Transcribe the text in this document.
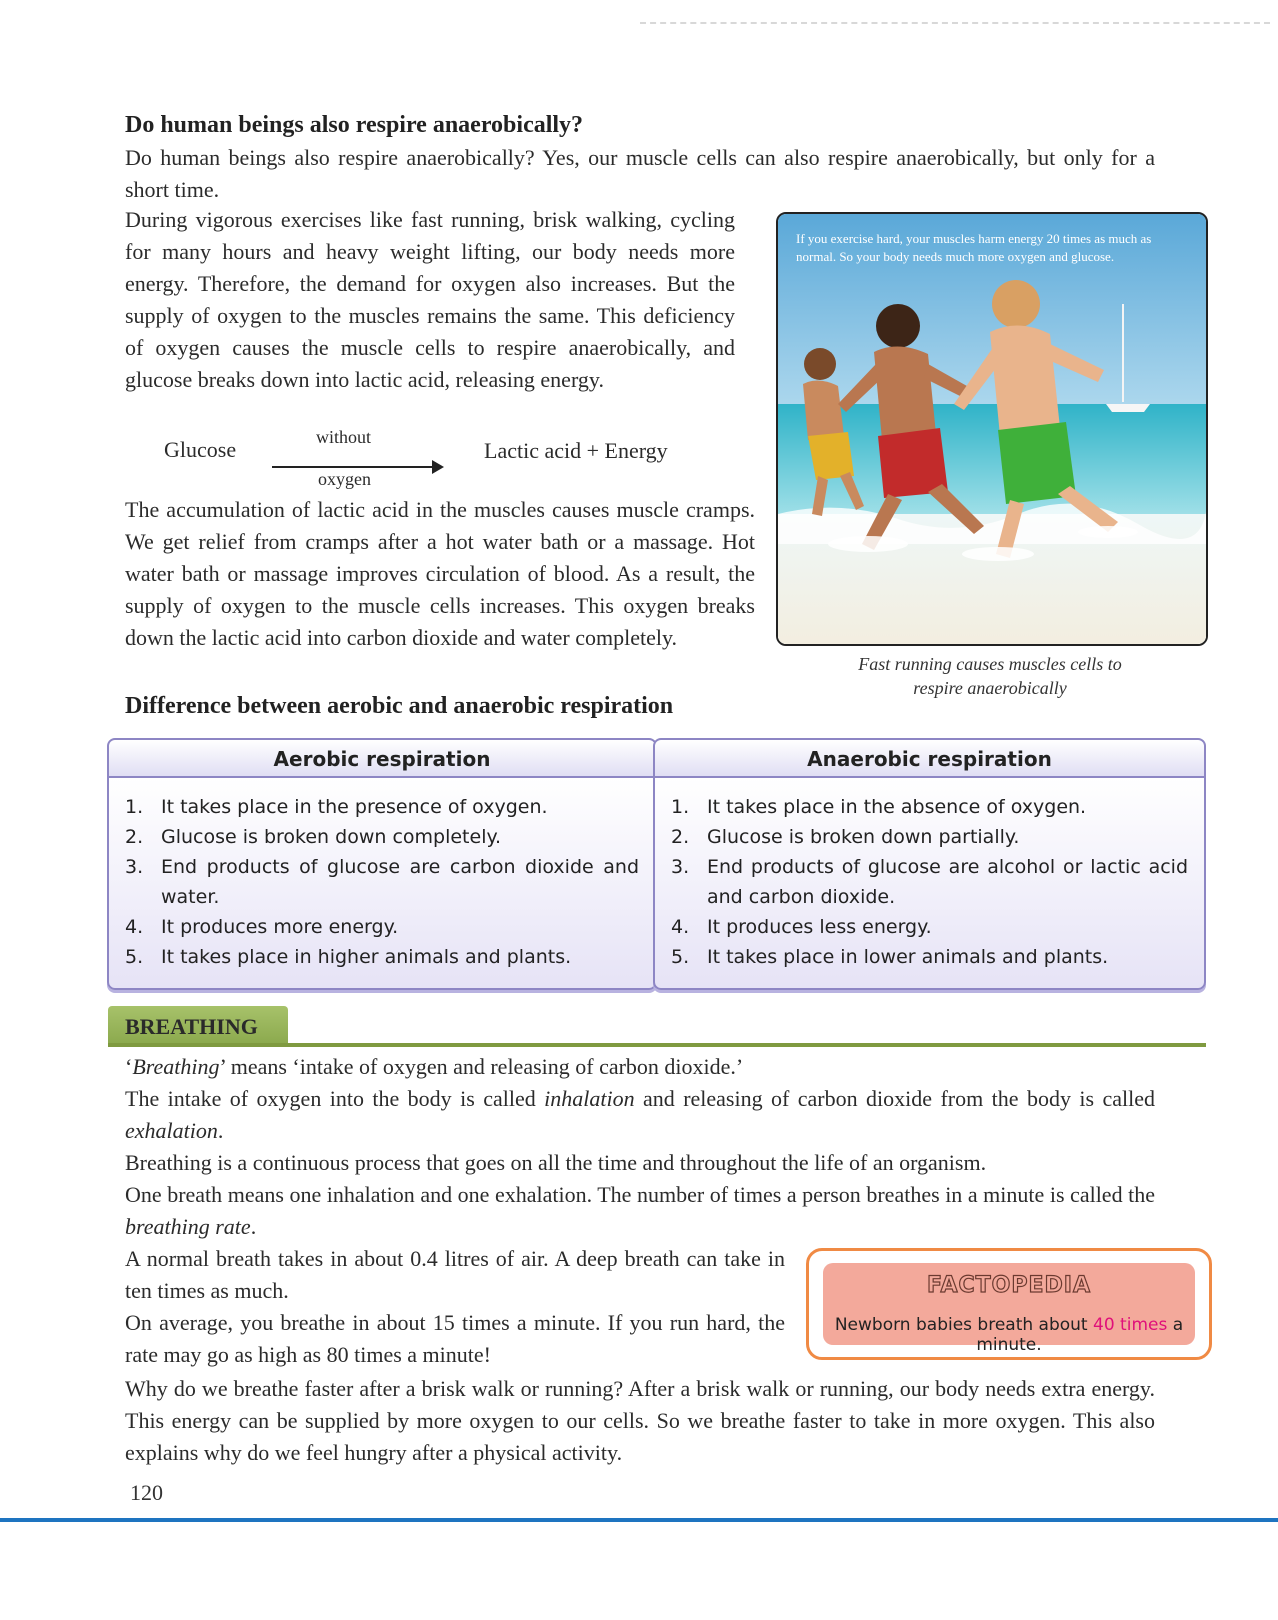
Do human beings also respire anaerobically?

Do human beings also respire anaerobically? Yes, our muscle cells can also respire anaerobically, but only for a short time.

During vigorous exercises like fast running, brisk walking, cycling for many hours and heavy weight lifting, our body needs more energy. Therefore, the demand for oxygen also increases. But the supply of oxygen to the muscles remains the same. This deficiency of oxygen causes the muscle cells to respire anaerobically, and glucose breaks down into lactic acid, releasing energy.

Glucose	without
oxygen
Lactic acid + Energy

The accumulation of lactic acid in the muscles causes muscle cramps. We get relief from cramps after a hot water bath or a massage. Hot water bath or massage improves circulation of blood. As a result, the supply of oxygen to the muscle cells increases. This oxygen breaks down the lactic acid into carbon dioxide and water completely.

If you exercise hard, your muscles harm energy 20 times as much as normal. So your body needs much more oxygen and glucose.
Fast running causes muscles cells to
respire anaerobically
Difference between aerobic and anaerobic respiration
Aerobic respiration	Anaerobic respiration
1. It takes place in the presence of oxygen.
2. Glucose is broken down completely.
3. End products of glucose are carbon dioxide and water.
4. It produces more energy.
5. It takes place in higher animals and plants.
1. It takes place in the absence of oxygen.
2. Glucose is broken down partially.
3. End products of glucose are alcohol or lactic acid and carbon dioxide.
4. It produces less energy.
5. It takes place in lower animals and plants.
BREATHING

‘Breathing’ means ‘intake of oxygen and releasing of carbon dioxide.’

The intake of oxygen into the body is called inhalation and releasing of carbon dioxide from the body is called exhalation.

Breathing is a continuous process that goes on all the time and throughout the life of an organism.

One breath means one inhalation and one exhalation. The number of times a person breathes in a minute is called the breathing rate.

A normal breath takes in about 0.4 litres of air. A deep breath can take in ten times as much.

On average, you breathe in about 15 times a minute. If you run hard, the rate may go as high as 80 times a minute!

Why do we breathe faster after a brisk walk or running? After a brisk walk or running, our body needs extra energy. This energy can be supplied by more oxygen to our cells. So we breathe faster to take in more oxygen. This also explains why do we feel hungry after a physical activity.

FACTOPEDIA
Newborn babies breath about 40 times a minute.
120
